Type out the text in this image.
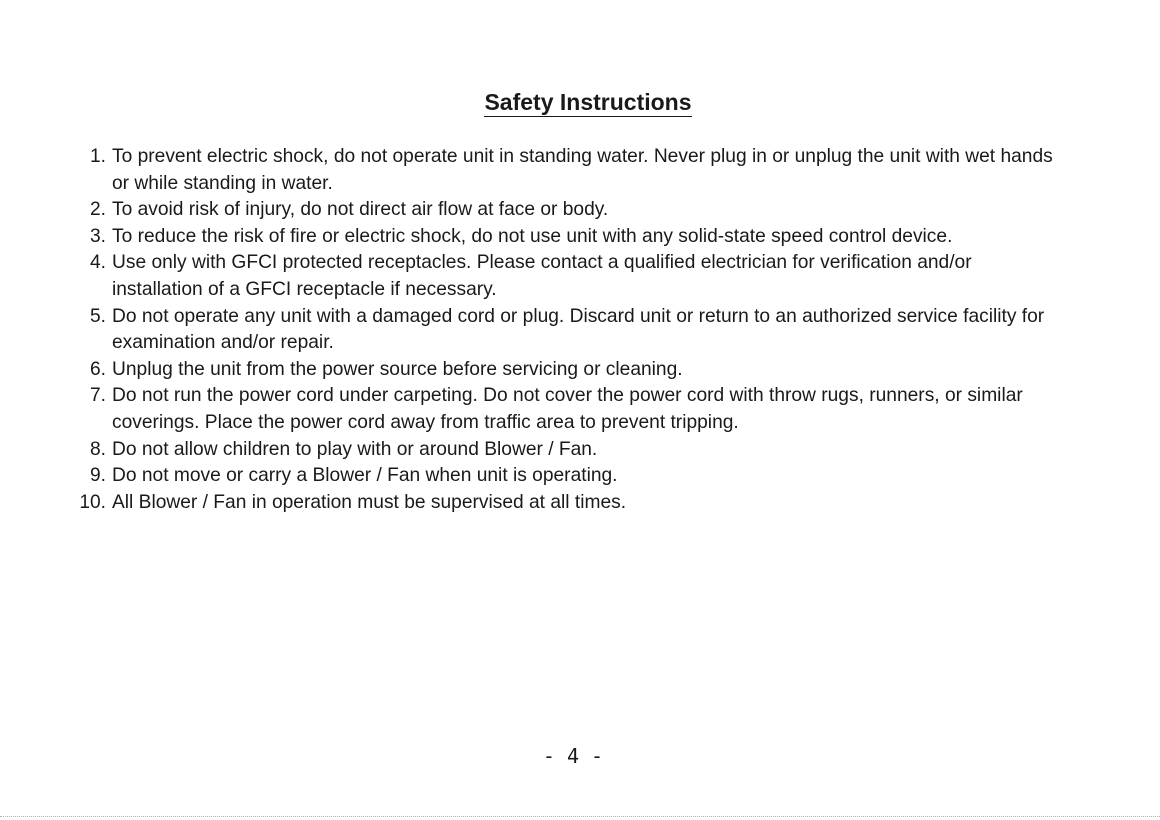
Safety Instructions
1. To prevent electric shock, do not operate unit in standing water. Never plug in or unplug the unit with wet hands or while standing in water.
2. To avoid risk of injury, do not direct air flow at face or body.
3. To reduce the risk of fire or electric shock, do not use unit with any solid-state speed control device.
4. Use only with GFCI protected receptacles. Please contact a qualified electrician for verification and/or installation of a GFCI receptacle if necessary.
5. Do not operate any unit with a damaged cord or plug. Discard unit or return to an authorized service facility for examination and/or repair.
6. Unplug the unit from the power source before servicing or cleaning.
7. Do not run the power cord under carpeting. Do not cover the power cord with throw rugs, runners, or similar coverings. Place the power cord away from traffic area to prevent tripping.
8. Do not allow children to play with or around Blower / Fan.
9. Do not move or carry a Blower / Fan when unit is operating.
10. All Blower / Fan in operation must be supervised at all times.
- 4 -
